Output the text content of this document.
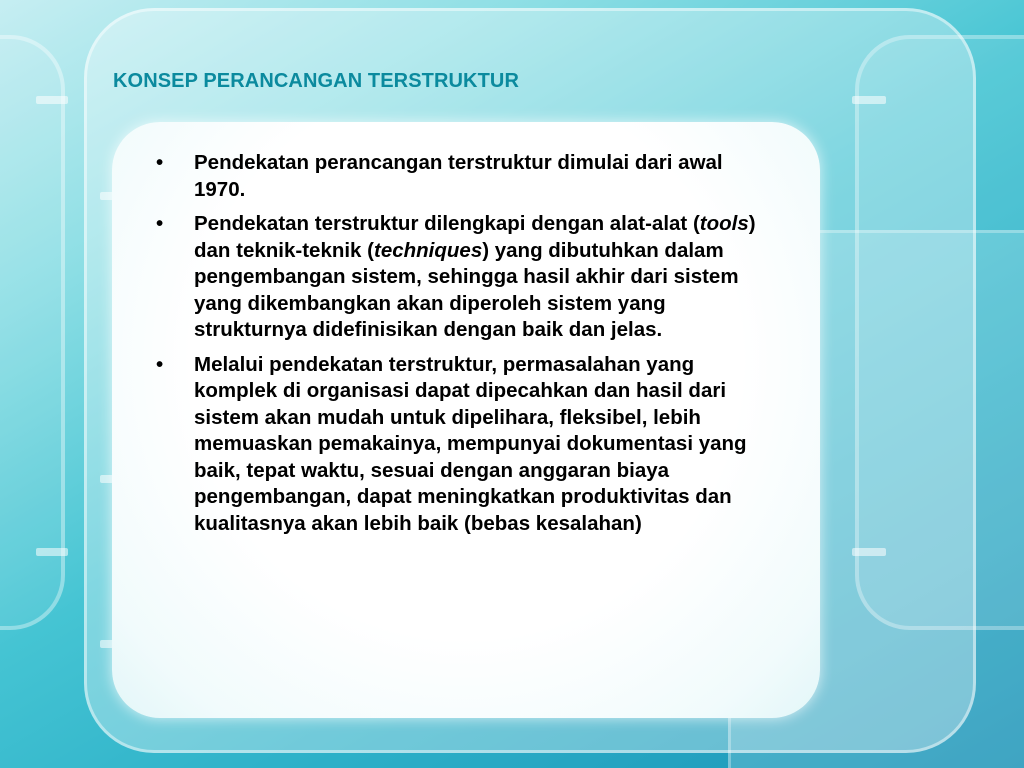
KONSEP PERANCANGAN TERSTRUKTUR
• Pendekatan perancangan terstruktur dimulai dari awal 1970.
• Pendekatan terstruktur dilengkapi dengan alat-alat (tools) dan teknik-teknik (techniques) yang dibutuhkan dalam pengembangan sistem, sehingga hasil akhir dari sistem yang dikembangkan akan diperoleh sistem yang strukturnya didefinisikan dengan baik dan jelas.
• Melalui pendekatan terstruktur, permasalahan yang komplek di organisasi dapat dipecahkan dan hasil dari sistem akan mudah untuk dipelihara, fleksibel, lebih memuaskan pemakainya, mempunyai dokumentasi yang baik, tepat waktu, sesuai dengan anggaran biaya pengembangan, dapat meningkatkan produktivitas dan kualitasnya akan lebih baik (bebas kesalahan)
